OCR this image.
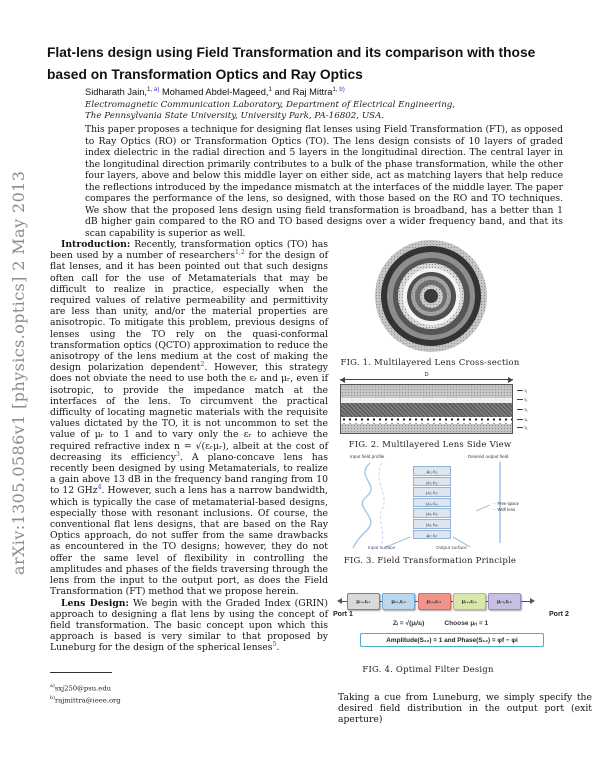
arXiv:1305.0586v1 [physics.optics] 2 May 2013
Flat-lens design using Field Transformation and its comparison with those
based on Transformation Optics and Ray Optics
Sidharath Jain,$^{1,}$ $^{a)}$ Mohamed Abdel-Mageed,$^1$ and Raj Mittra$^{1,}$ $^{b)}$
Electromagnetic Communication Laboratory, Department of Electrical Engineering,
The Pennsylvania State University, University Park, PA-16802, USA.
This paper proposes a technique for designing flat lenses using Field Transformation (FT), as opposed to Ray Optics (RO) or Transformation Optics (TO). The lens design consists of 10 layers of graded index dielectric in the radial direction and 5 layers in the longitudinal direction. The central layer in the longitudinal direction primarily contributes to a bulk of the phase transformation, while the other four layers, above and below this middle layer on either side, act as matching layers that help reduce the reflections introduced by the impedance mismatch at the interfaces of the middle layer. The paper compares the performance of the lens, so designed, with those based on the RO and TO techniques. We show that the proposed lens design using field transformation is broadband, has a better than 1 dB higher gain compared to the RO and TO based designs over a wider frequency band, and that its scan capability is superior as well.

Introduction: Recently, transformation optics (TO) has been used by a number of researchers$^{1,2}$ for the design of flat lenses, and it has been pointed out that such designs often call for the use of Metamaterials that may be difficult to realize in practice, especially when the required values of relative permeability and permittivity are less than unity, and/or the material properties are anisotropic. To mitigate this problem, previous designs of lenses using the TO rely on the quasi-conformal transformation optics (QCTO) approximation to reduce the anisotropy of the lens medium at the cost of making the design polarization dependent$^2$. However, this strategy does not obviate the need to use both the εᵣ and μᵣ, even if isotropic, to provide the impedance match at the interfaces of the lens. To circumvent the practical difficulty of locating magnetic materials with the requisite values dictated by the TO, it is not uncommon to set the value of μᵣ to 1 and to vary only the εᵣ to achieve the required refractive index n = √(εᵣμᵣ), albeit at the cost of decreasing its efficiency$^3$. A plano-concave lens has recently been designed by using Metamaterials, to realize a gain above 13 dB in the frequency band ranging from 10 to 12 GHz$^4$. However, such a lens has a narrow bandwidth, which is typically the case of metamaterial-based designs, especially those with resonant inclusions. Of course, the conventional flat lens designs, that are based on the Ray Optics approach, do not suffer from the same drawbacks as encountered in the TO designs; however, they do not offer the same level of flexibility in controlling the amplitudes and phases of the fields traversing through the lens from the input to the output port, as does the Field Transformation (FT) method that we propose herein.

Lens Design: We begin with the Graded Index (GRIN) approach to designing a flat lens by using the concept of field transformation. The basic concept upon which this approach is based is very similar to that proposed by Luneburg for the design of the spherical lenses$^5$.

$^{a)}$sxj250@psu.edu
$^{b)}$rajmittra@ieee.org
FIG. 1. Multilayered Lens Cross-section
D
t₁
t₂
t₃
t₄
t₅
FIG. 2. Multilayered Lens Side View
μᵣ₁ εᵣ₁
μᵣ₂ εᵣ₂
μᵣ₃ εᵣ₃
μᵣ₄ εᵣ₄
μᵣ₅ εᵣ₅
μᵣ₆ εᵣ₆
μᵣ₇ εᵣ₇
Input field profile	Desired output field
— Free space
— With lens
Input surface	Output surface
FIG. 3. Field Transformation Principle
μᵣ₁,εᵣ₁	μᵣ₂,εᵣ₂	μᵣ₃,εᵣ₃	μᵣ₄,εᵣ₄	μᵣ₅,εᵣ₅
Port 1	Port 2
Zᵢ = √(μᵢ/εᵢ)	Choose μᵣᵢ = 1
Amplitude(S₁₂) = 1 and Phase(S₁₂) = φf − φi
FIG. 4. Optimal Filter Design
Taking a cue from Luneburg, we simply specify the desired field distribution in the output port (exit aperture)
